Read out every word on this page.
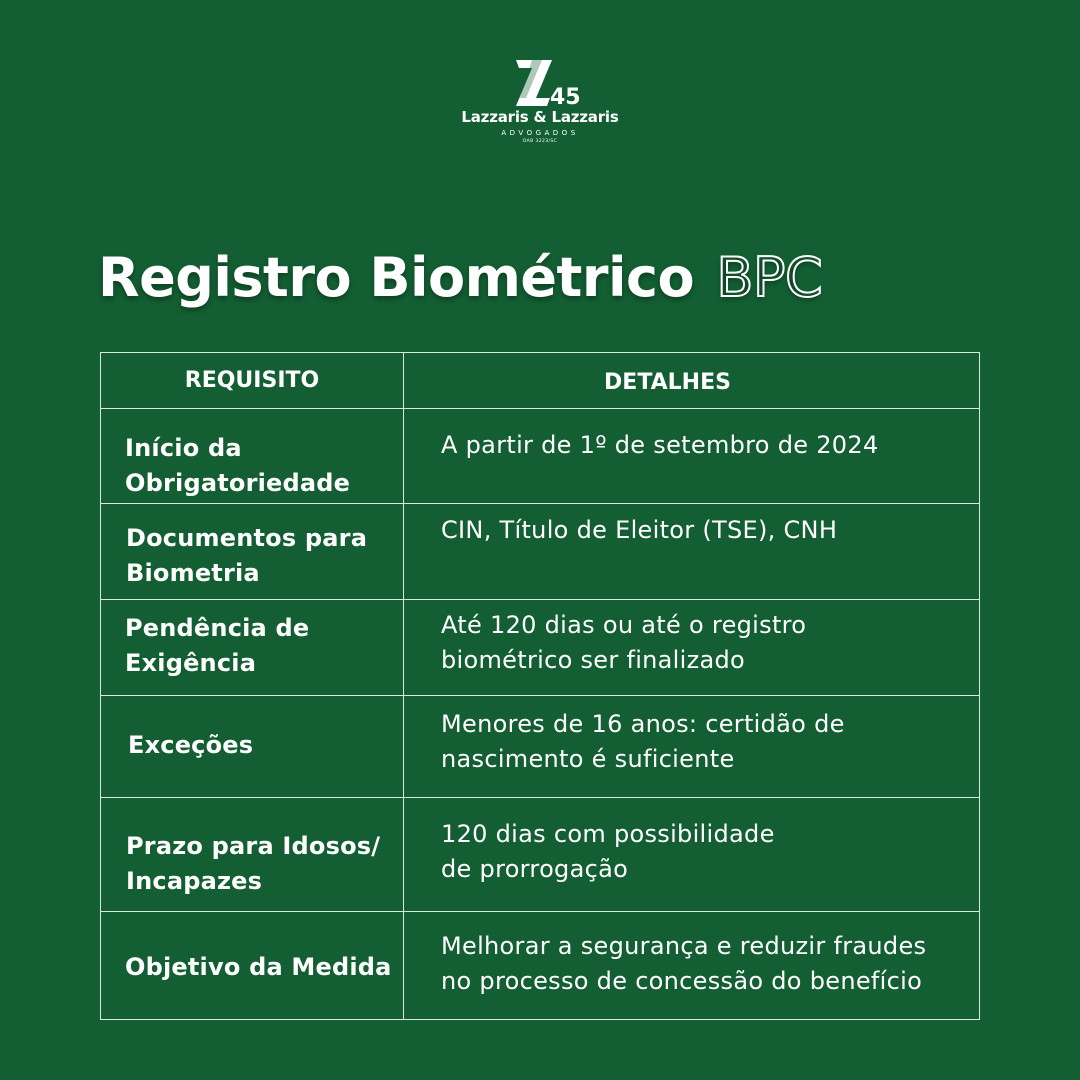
45
Lazzaris & Lazzaris
ADVOGADOS
OAB 3223/SC
Registro Biométrico BPC
REQUISITO	DETALHES
Início da
Obrigatoriedade
A partir de 1º de setembro de 2024
Documentos para
Biometria
CIN, Título de Eleitor (TSE), CNH
Pendência de
Exigência
Até 120 dias ou até o registro
biométrico ser finalizado
Exceções
Menores de 16 anos: certidão de
nascimento é suficiente
Prazo para Idosos/
Incapazes
120 dias com possibilidade
de prorrogação
Objetivo da Medida
Melhorar a segurança e reduzir fraudes
no processo de concessão do benefício
